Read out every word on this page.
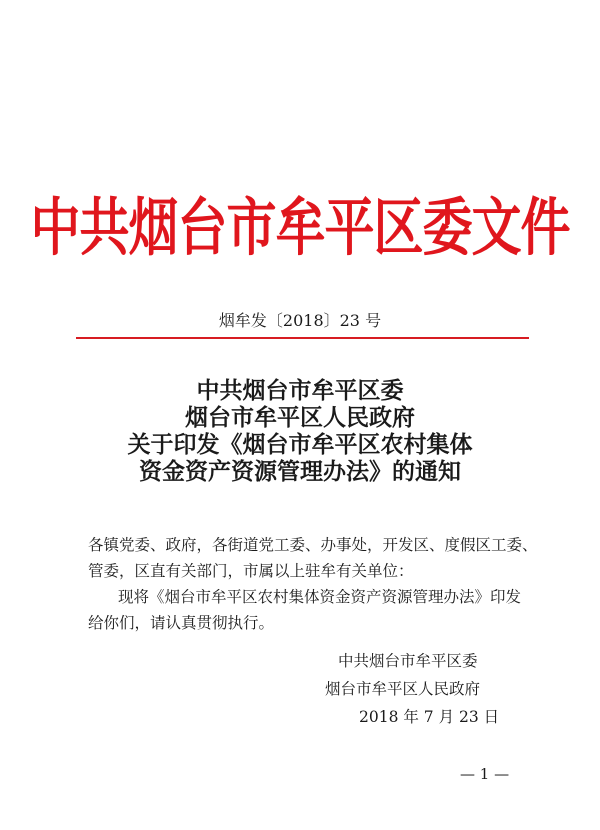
中共烟台市牟平区委文件
烟牟发〔2018〕23 号
中共烟台市牟平区委
烟台市牟平区人民政府
关于印发《烟台市牟平区农村集体
资金资产资源管理办法》的通知
各镇党委、政府，各街道党工委、办事处，开发区、度假区工委、
管委，区直有关部门，市属以上驻牟有关单位：
现将《烟台市牟平区农村集体资金资产资源管理办法》印发
给你们，请认真贯彻执行。
中共烟台市牟平区委
烟台市牟平区人民政府
2018 年 7 月 23 日
— 1 —
